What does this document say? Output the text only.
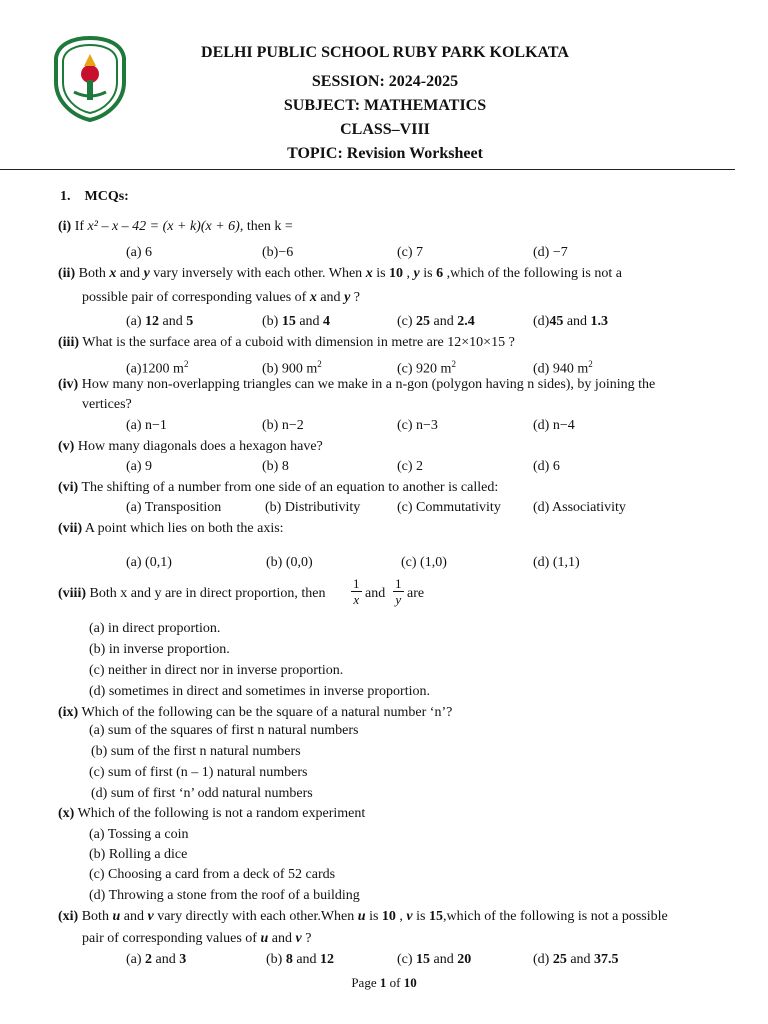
DELHI PUBLIC SCHOOL RUBY PARK KOLKATA
SESSION: 2024-2025
SUBJECT: MATHEMATICS
CLASS–VIII
TOPIC: Revision Worksheet
1. MCQs:
(i) If x² – x – 42 = (x + k)(x + 6), then k =
(a) 6	(b)−6	(c) 7	(d) −7
(ii) Both x and y vary inversely with each other. When x is 10 , y is 6 ,which of the following is not a
possible pair of corresponding values of x and y ?
(a) 12 and 5	(b) 15 and 4	(c) 25 and 2.4	(d)45 and 1.3
(iii) What is the surface area of a cuboid with dimension in metre are 12×10×15 ?
(a)1200 $m^2$	(b) 900 $m^2$	(c) 920 $m^2$	(d) 940 $m^2$
(iv) How many non-overlapping triangles can we make in a n-gon (polygon having n sides), by joining the
vertices?
(a) n−1	(b) n−2	(c) n−3	(d) n−4
(v) How many diagonals does a hexagon have?
(a) 9	(b) 8	(c) 2	(d) 6
(vi) The shifting of a number from one side of an equation to another is called:
(a) Transposition	(b) Distributivity	(c) Commutativity (d) Associativity
(vii) A point which lies on both the axis:
(a) (0,1)	(b) (0,0)	(c) (1,0)	(d) (1,1)
(viii) Both x and y are in direct proportion, then $\frac{1}{x}$ and $\frac{1}{y}$ are
(a) in direct proportion.
(b) in inverse proportion.
(c) neither in direct nor in inverse proportion.
(d) sometimes in direct and sometimes in inverse proportion.
(ix) Which of the following can be the square of a natural number ‘n’?
(a) sum of the squares of first n natural numbers
(b) sum of the first n natural numbers
(c) sum of first (n – 1) natural numbers
(d) sum of first ‘n’ odd natural numbers
(x) Which of the following is not a random experiment
(a) Tossing a coin
(b) Rolling a dice
(c) Choosing a card from a deck of 52 cards
(d) Throwing a stone from the roof of a building
(xi) Both u and v vary directly with each other.When u is 10 , v is 15,which of the following is not a possible
pair of corresponding values of u and v ?
(a) 2 and 3	(b) 8 and 12	(c) 15 and 20	(d) 25 and 37.5
Page 1 of 10
